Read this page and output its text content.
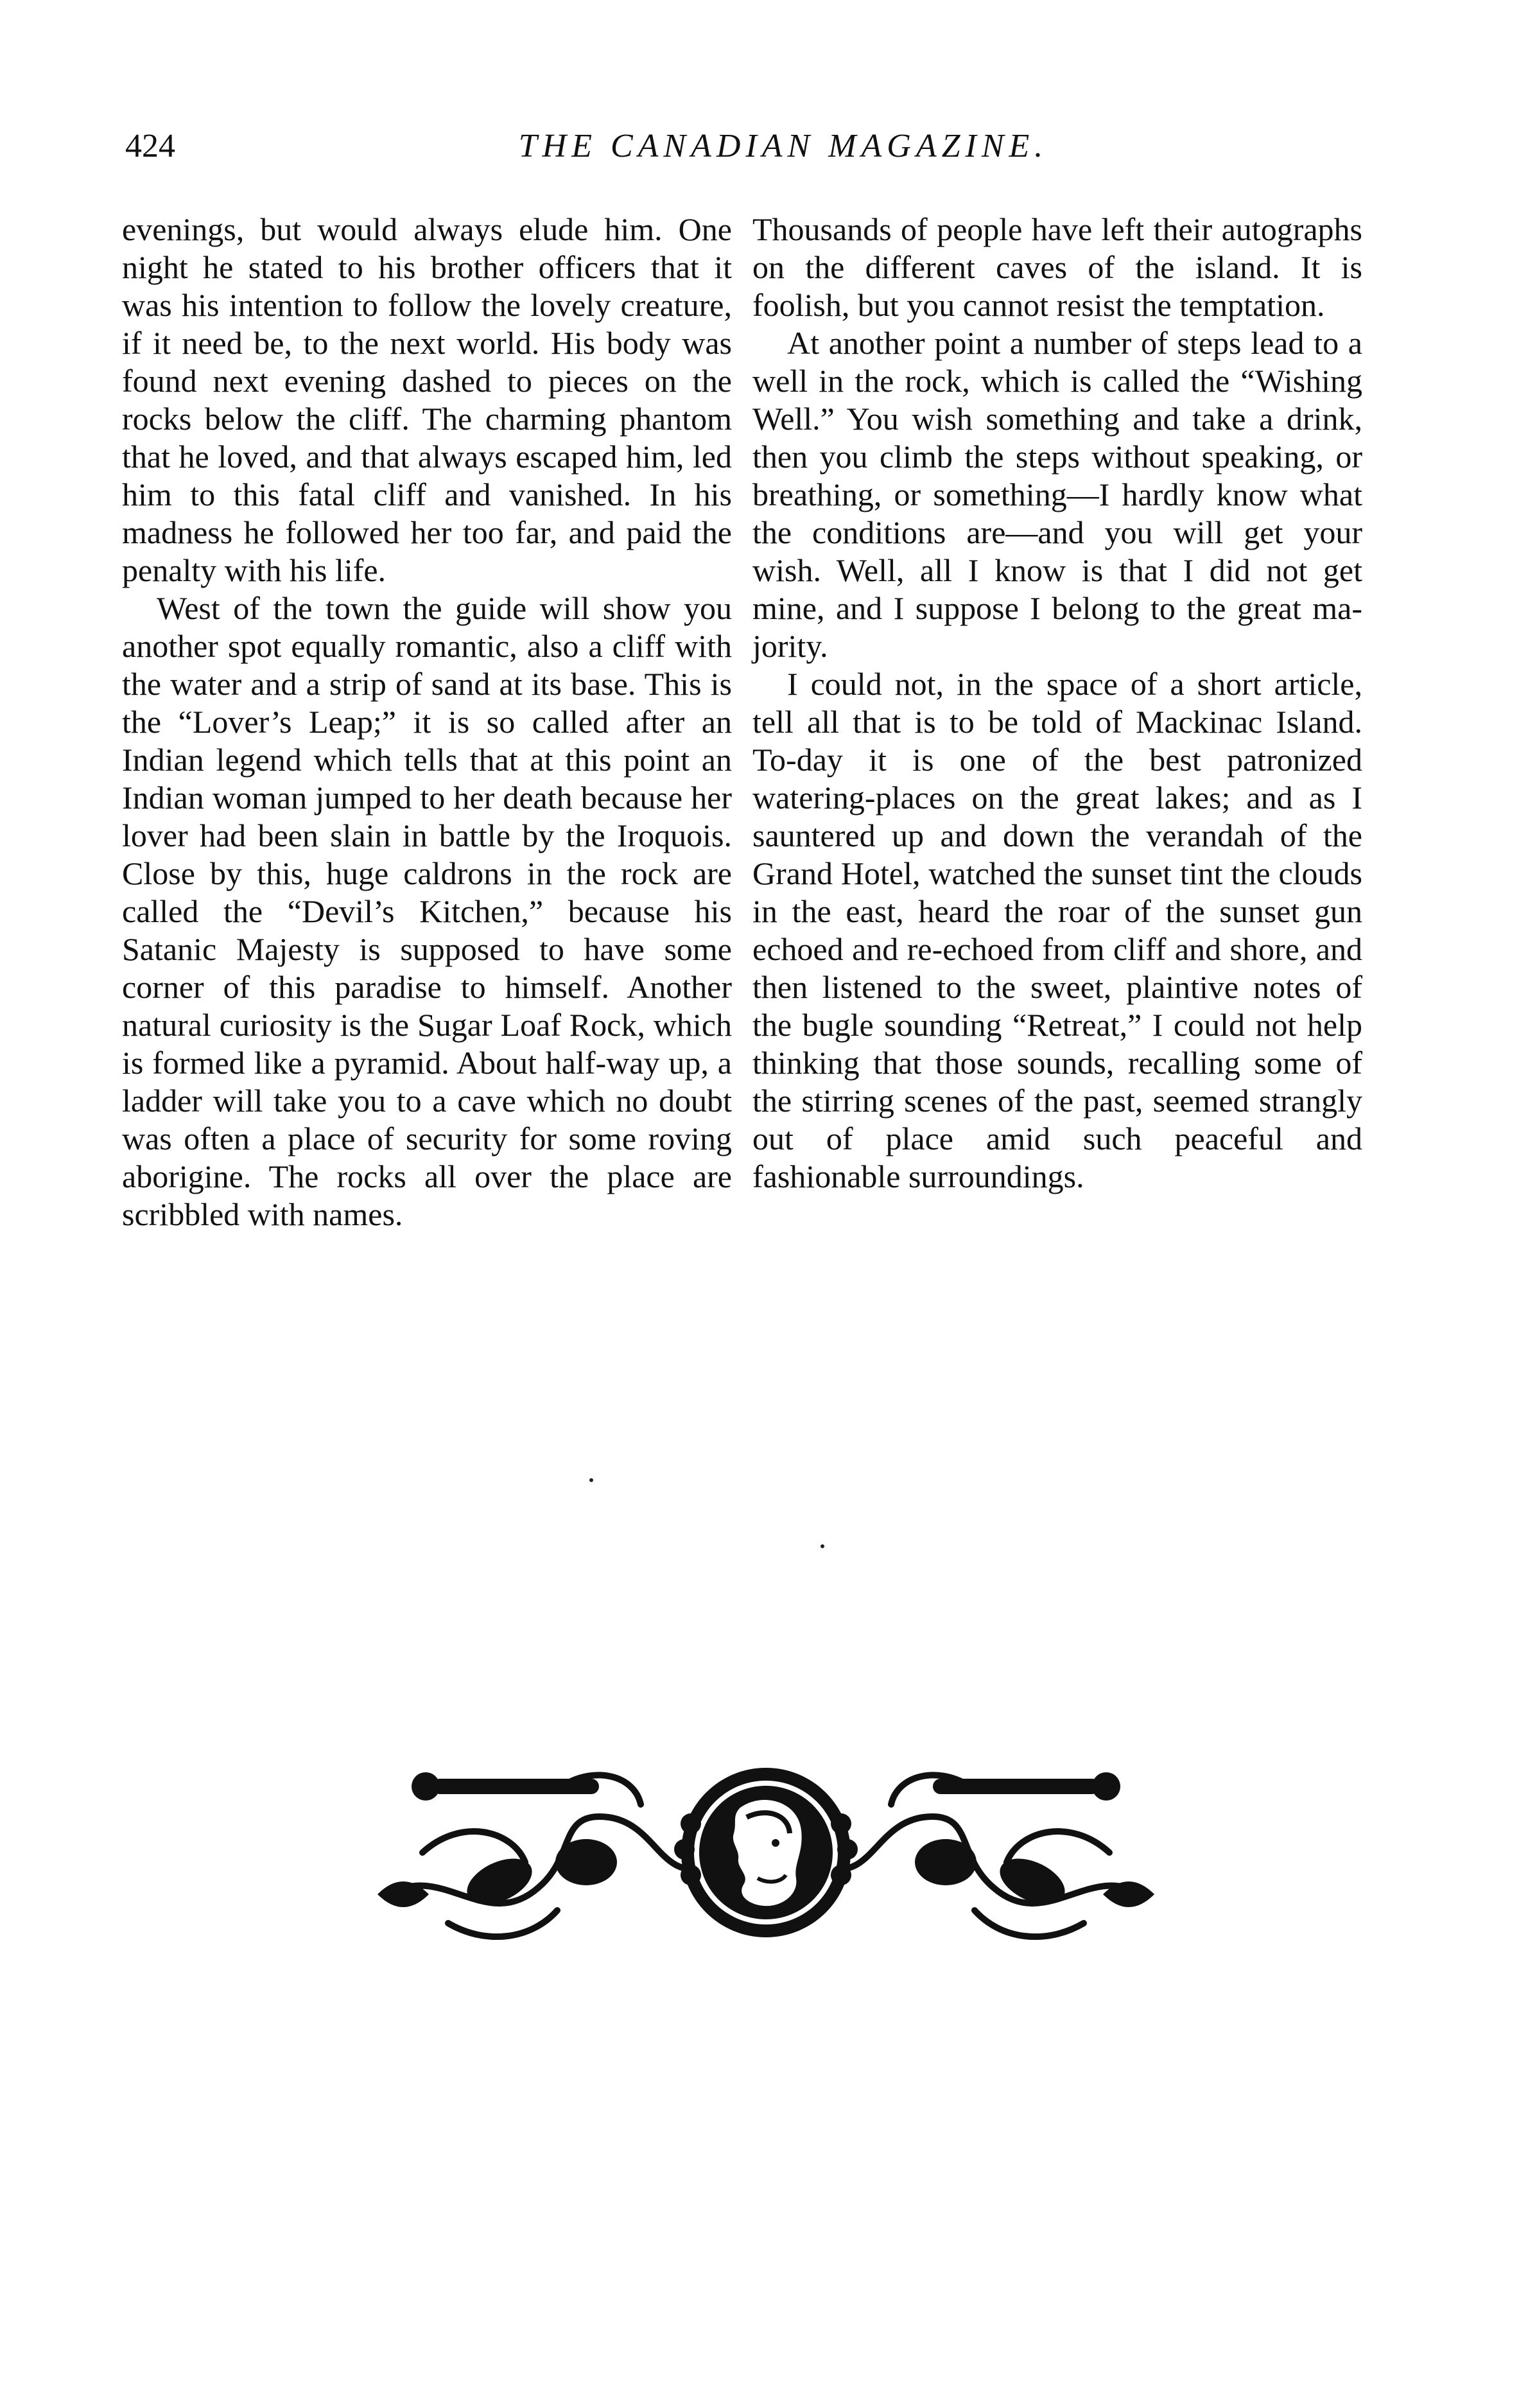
424	THE CANADIAN MAGAZINE.

evenings, but would always elude him. One night he stated to his brother officers that it was his intention to follow the lovely creature, if it need be, to the next world. His body was found next evening dashed to pieces on the rocks below the cliff. The charming phantom that he loved, and that always escaped him, led him to this fatal cliff and vanished. In his madness he followed her too far, and paid the penalty with his life.

West of the town the guide will show you another spot equally romantic, also a cliff with the water and a strip of sand at its base. This is the “Lover’s Leap;” it is so called after an Indian legend which tells that at this point an Indian woman jumped to her death because her lover had been slain in battle by the Iroquois. Close by this, huge caldrons in the rock are called the “Devil’s Kitchen,” because his Satanic Majesty is supposed to have some corner of this paradise to himself. Another natural curiosity is the Sugar Loaf Rock, which is formed like a pyramid. About half-way up, a ladder will take you to a cave which no doubt was often a place of security for some roving aborigine. The rocks all over the place are scribbled with names.

Thousands of people have left their autographs on the different caves of the island. It is foolish, but you cannot resist the temptation.

At another point a number of steps lead to a well in the rock, which is called the “Wishing Well.” You wish something and take a drink, then you climb the steps without speaking, or breathing, or something—I hardly know what the conditions are—and you will get your wish. Well, all I know is that I did not get mine, and I suppose I belong to the great majority.

I could not, in the space of a short article, tell all that is to be told of Mackinac Island. To-day it is one of the best patronized watering-places on the great lakes; and as I sauntered up and down the verandah of the Grand Hotel, watched the sunset tint the clouds in the east, heard the roar of the sunset gun echoed and re-echoed from cliff and shore, and then listened to the sweet, plaintive notes of the bugle sounding “Retreat,” I could not help thinking that those sounds, recalling some of the stirring scenes of the past, seemed strangly out of place amid such peaceful and fashionable surroundings.
